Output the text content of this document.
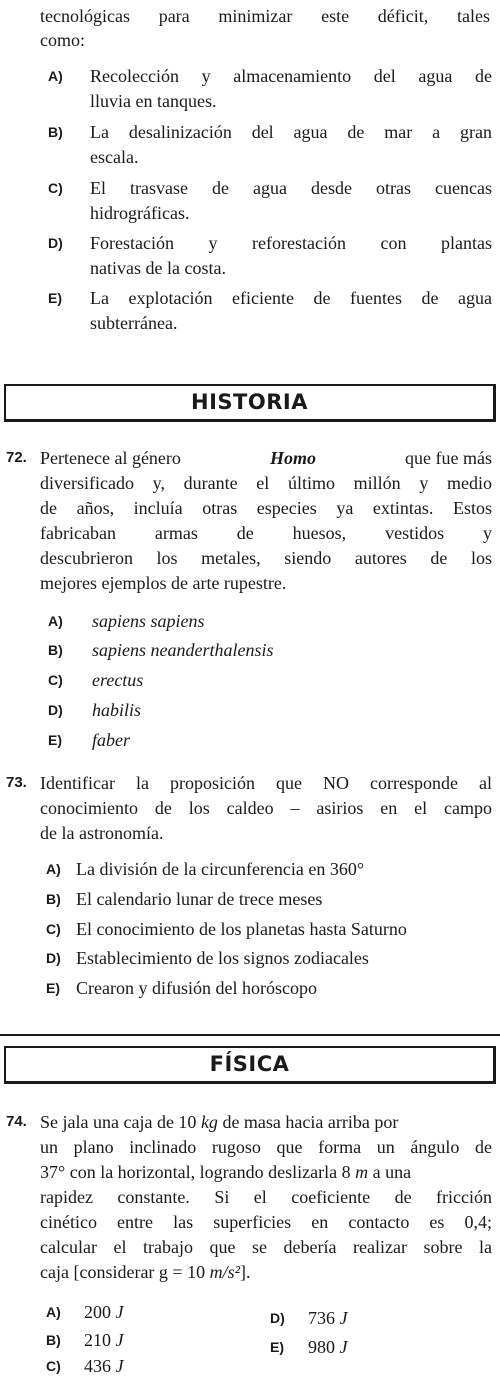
tecnológicas para minimizar este déficit, tales
como:
A) Recolección y almacenamiento del agua de
lluvia en tanques.
B) La desalinización del agua de mar a gran
escala.
C) El trasvase de agua desde otras cuencas
hidrográficas.
D) Forestación y reforestación con plantas
nativas de la costa.
E) La explotación eficiente de fuentes de agua
subterránea.
HISTORIA
72. Pertenece al género	Homo	que fue más
diversificado y, durante el último millón y medio
de años, incluía otras especies ya extintas. Estos
fabricaban armas de huesos, vestidos y
descubrieron los metales, siendo autores de los
mejores ejemplos de arte rupestre.
A) sapiens sapiens
B) sapiens neanderthalensis
C) erectus
D) habilis
E) faber
73. Identificar la proposición que NO corresponde al
conocimiento de los caldeo – asirios en el campo
de la astronomía.
A) La división de la circunferencia en 360°
B) El calendario lunar de trece meses
C) El conocimiento de los planetas hasta Saturno
D) Establecimiento de los signos zodiacales
E) Crearon y difusión del horóscopo
FÍSICA
74. Se jala una caja de 10 kg de masa hacia arriba por
un plano inclinado rugoso que forma un ángulo de
37° con la horizontal, logrando deslizarla 8 m a una
rapidez constante. Si el coeficiente de fricción
cinético entre las superficies en contacto es 0,4;
calcular el trabajo que se debería realizar sobre la
caja [considerar g = 10 m/s²].
A) 200 J
B) 210 J
C) 436 J
D) 736 J
E) 980 J
